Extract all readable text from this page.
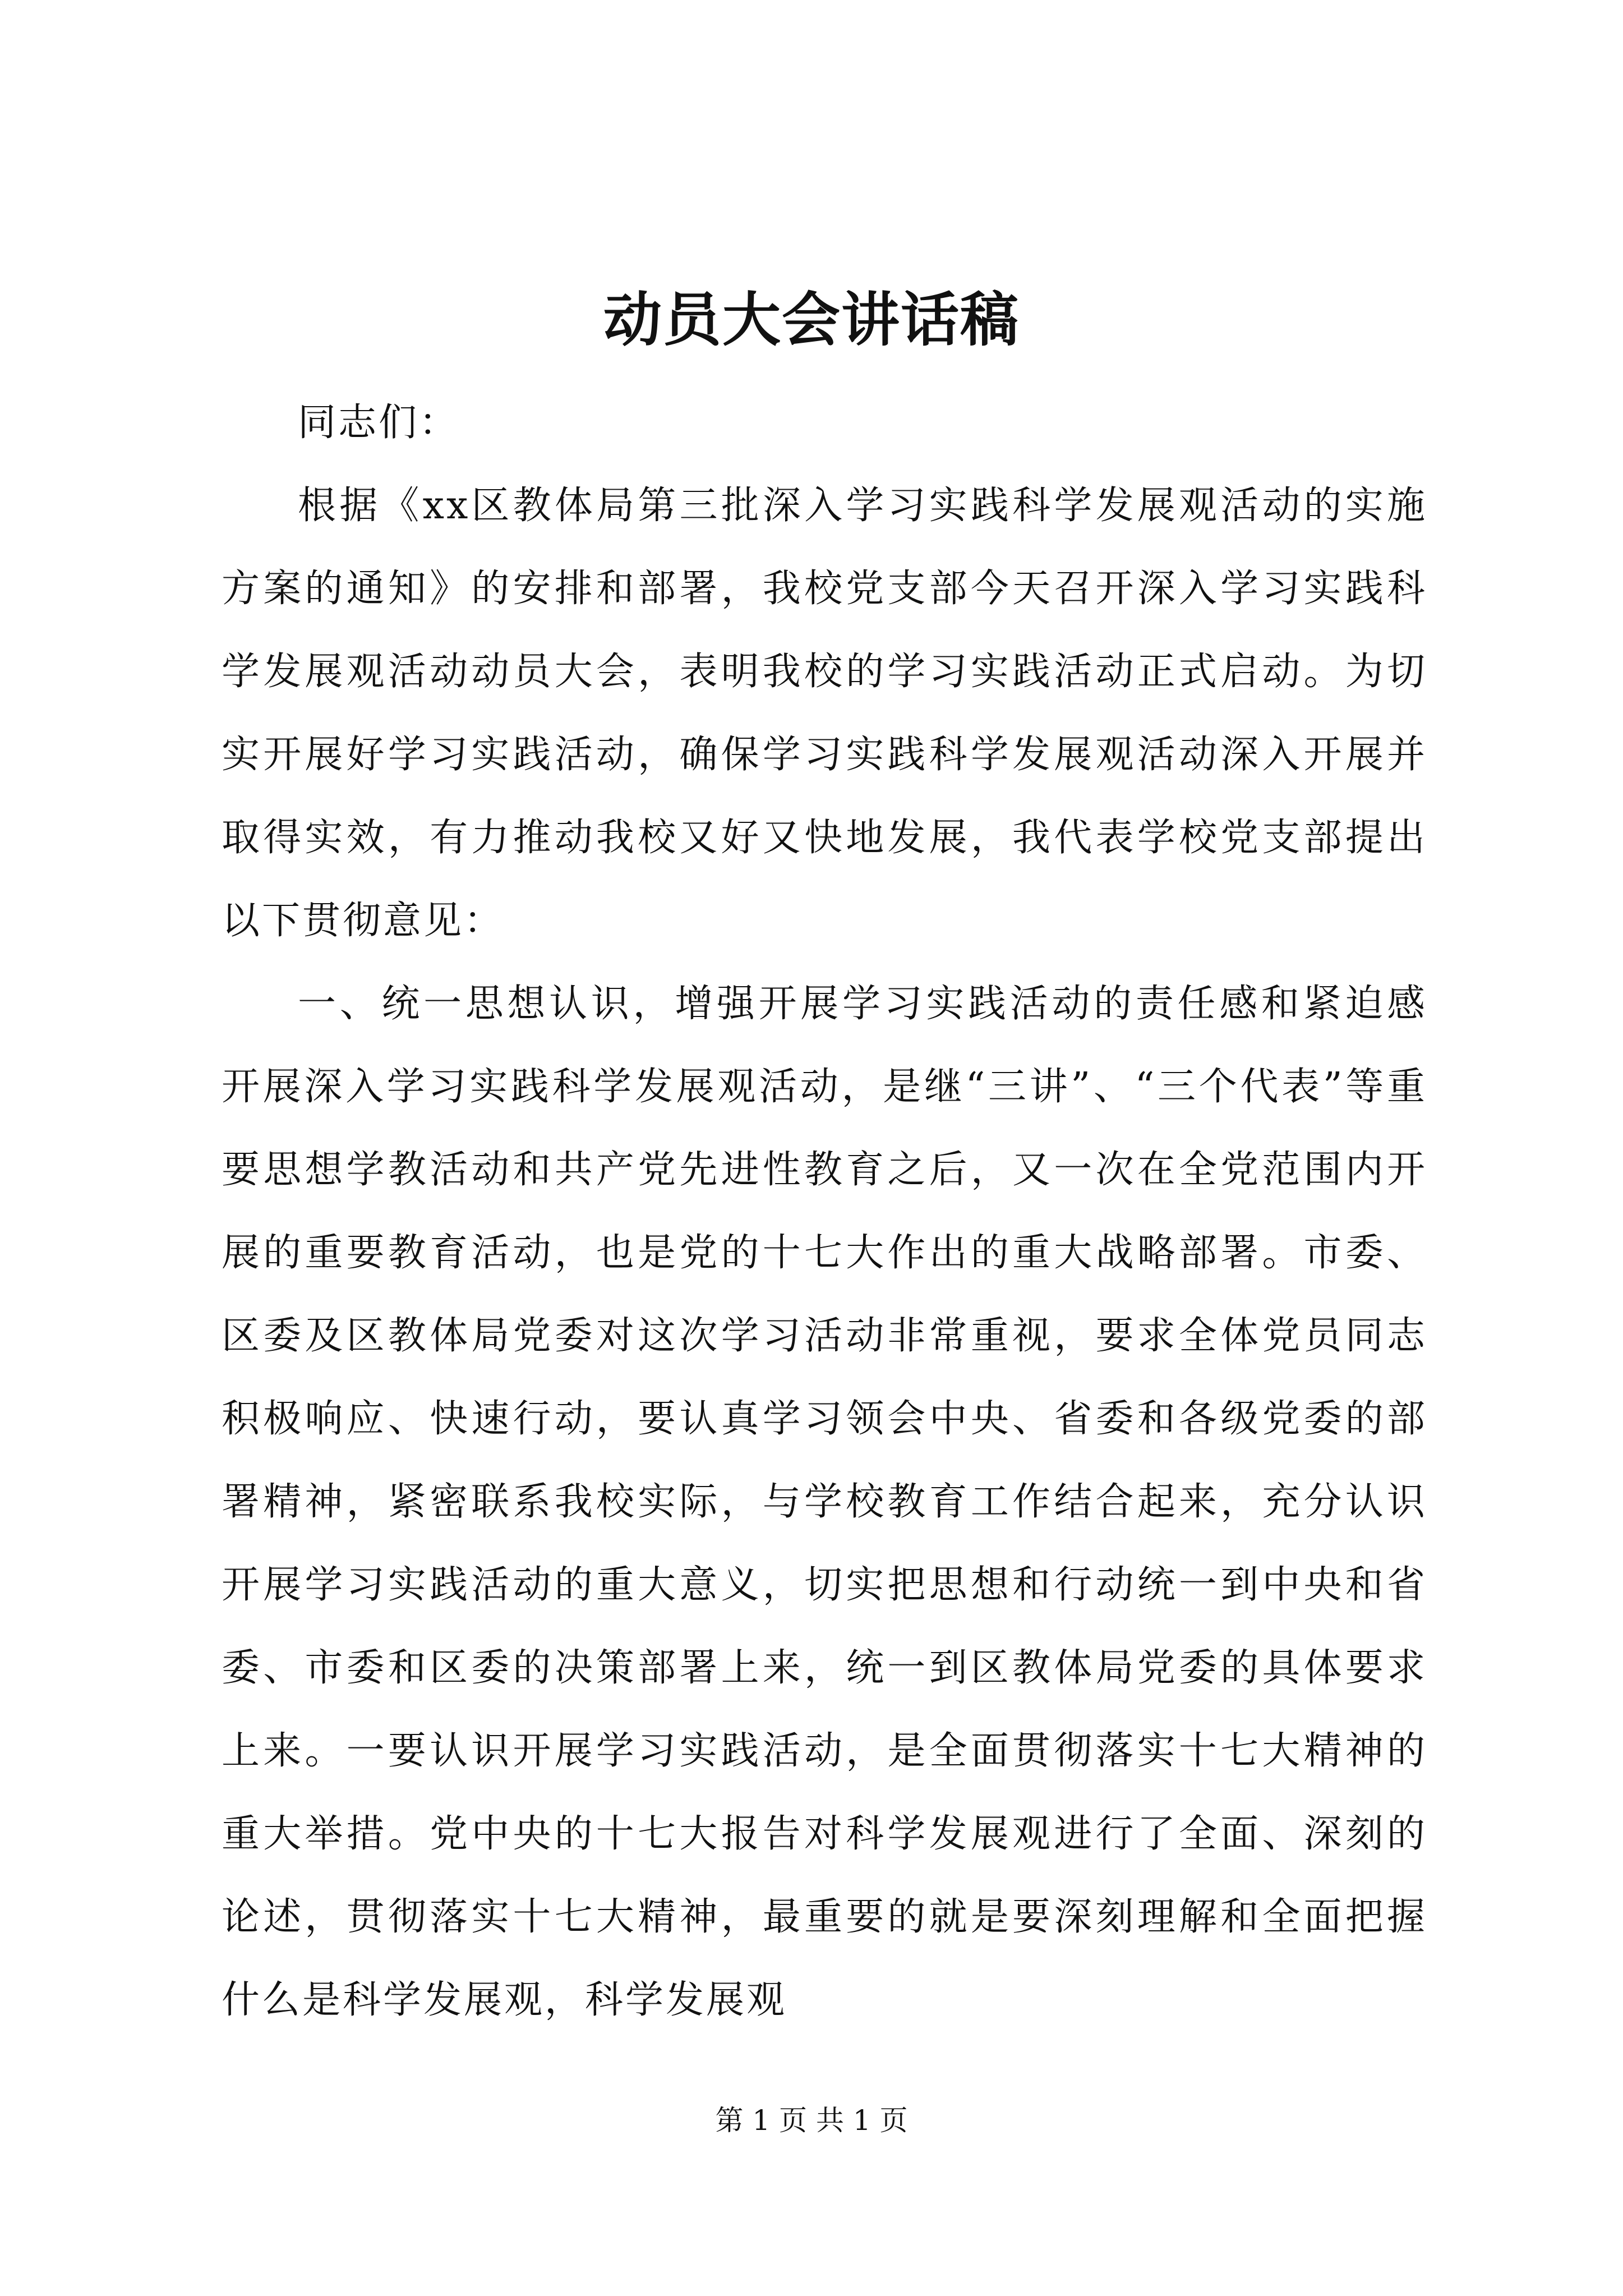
动员大会讲话稿

同志们：

根据《xx区教体局第三批深入学习实践科学发展观活动的实施方案的通知》的安排和部署，我校党支部今天召开深入学习实践科学发展观活动动员大会，表明我校的学习实践活动正式启动。为切实开展好学习实践活动，确保学习实践科学发展观活动深入开展并取得实效，有力推动我校又好又快地发展，我代表学校党支部提出以下贯彻意见：

一、统一思想认识，增强开展学习实践活动的责任感和紧迫感开展深入学习实践科学发展观活动，是继“三讲”、“三个代表”等重要思想学教活动和共产党先进性教育之后，又一次在全党范围内开展的重要教育活动，也是党的十七大作出的重大战略部署。市委、区委及区教体局党委对这次学习活动非常重视，要求全体党员同志积极响应、快速行动，要认真学习领会中央、省委和各级党委的部署精神，紧密联系我校实际，与学校教育工作结合起来，充分认识开展学习实践活动的重大意义，切实把思想和行动统一到中央和省委、市委和区委的决策部署上来，统一到区教体局党委的具体要求上来。一要认识开展学习实践活动，是全面贯彻落实十七大精神的重大举措。党中央的十七大报告对科学发展观进行了全面、深刻的论述，贯彻落实十七大精神，最重要的就是要深刻理解和全面把握什么是科学发展观，科学发展观

第 1 页 共 1 页
